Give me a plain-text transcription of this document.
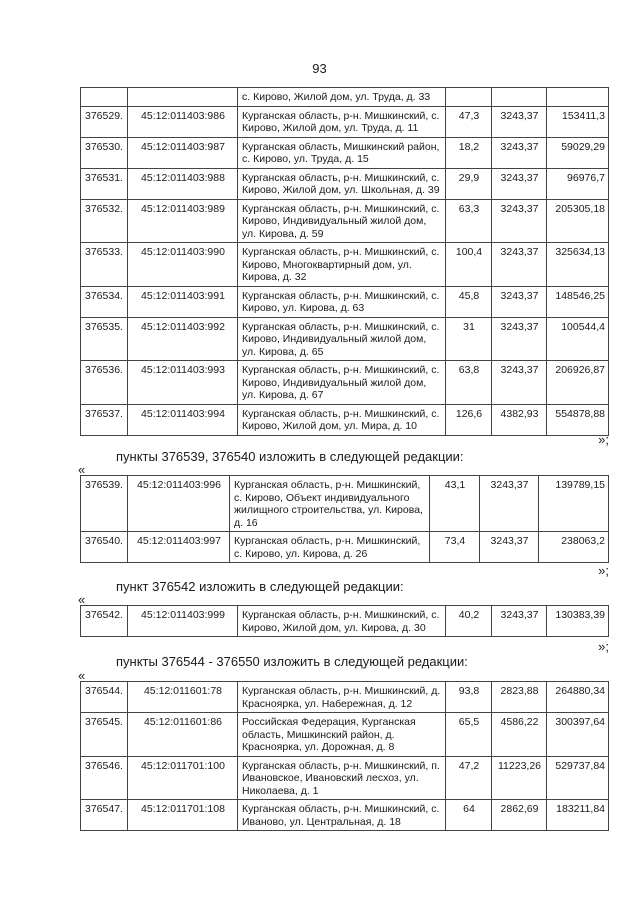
93
		с. Кирово, Жилой дом, ул. Труда, д. 33			
376529.	45:12:011403:986	Курганская область, р-н. Мишкинский, с. Кирово, Жилой дом, ул. Труда, д. 11	47,3	3243,37	153411,3
376530.	45:12:011403:987	Курганская область, Мишкинский район, с. Кирово, ул. Труда, д. 15	18,2	3243,37	59029,29
376531.	45:12:011403:988	Курганская область, р-н. Мишкинский, с. Кирово, Жилой дом, ул. Школьная, д. 39	29,9	3243,37	96976,7
376532.	45:12:011403:989	Курганская область, р-н. Мишкинский, с. Кирово, Индивидуальный жилой дом, ул. Кирова, д. 59	63,3	3243,37	205305,18
376533.	45:12:011403:990	Курганская область, р-н. Мишкинский, с. Кирово, Многоквартирный дом, ул. Кирова, д. 32	100,4	3243,37	325634,13
376534.	45:12:011403:991	Курганская область, р-н. Мишкинский, с. Кирово, ул. Кирова, д. 63	45,8	3243,37	148546,25
376535.	45:12:011403:992	Курганская область, р-н. Мишкинский, с. Кирово, Индивидуальный жилой дом, ул. Кирова, д. 65	31	3243,37	100544,4
376536.	45:12:011403:993	Курганская область, р-н. Мишкинский, с. Кирово, Индивидуальный жилой дом, ул. Кирова, д. 67	63,8	3243,37	206926,87
376537.	45:12:011403:994	Курганская область, р-н. Мишкинский, с. Кирово, Жилой дом, ул. Мира, д. 10	126,6	4382,93	554878,88
»;
пункты 376539, 376540 изложить в следующей редакции:
«
376539.	45:12:011403:996	Курганская область, р-н. Мишкинский, с. Кирово, Объект индивидуального жилищного строительства, ул. Кирова, д. 16	43,1	3243,37	139789,15
376540.	45:12:011403:997	Курганская область, р-н. Мишкинский, с. Кирово, ул. Кирова, д. 26	73,4	3243,37	238063,2
»;
пункт 376542 изложить в следующей редакции:
«
376542.	45:12:011403:999	Курганская область, р-н. Мишкинский, с. Кирово, Жилой дом, ул. Кирова, д. 30	40,2	3243,37	130383,39
»;
пункты 376544 - 376550 изложить в следующей редакции:
«
376544.	45:12:011601:78	Курганская область, р-н. Мишкинский, д. Красноярка, ул. Набережная, д. 12	93,8	2823,88	264880,34
376545.	45:12:011601:86	Российская Федерация, Курганская область, Мишкинский район, д. Красноярка, ул. Дорожная, д. 8	65,5	4586,22	300397,64
376546.	45:12:011701:100	Курганская область, р-н. Мишкинский, п. Ивановское, Ивановский лесхоз, ул. Николаева, д. 1	47,2	11223,26	529737,84
376547.	45:12:011701:108	Курганская область, р-н. Мишкинский, с. Иваново, ул. Центральная, д. 18	64	2862,69	183211,84
